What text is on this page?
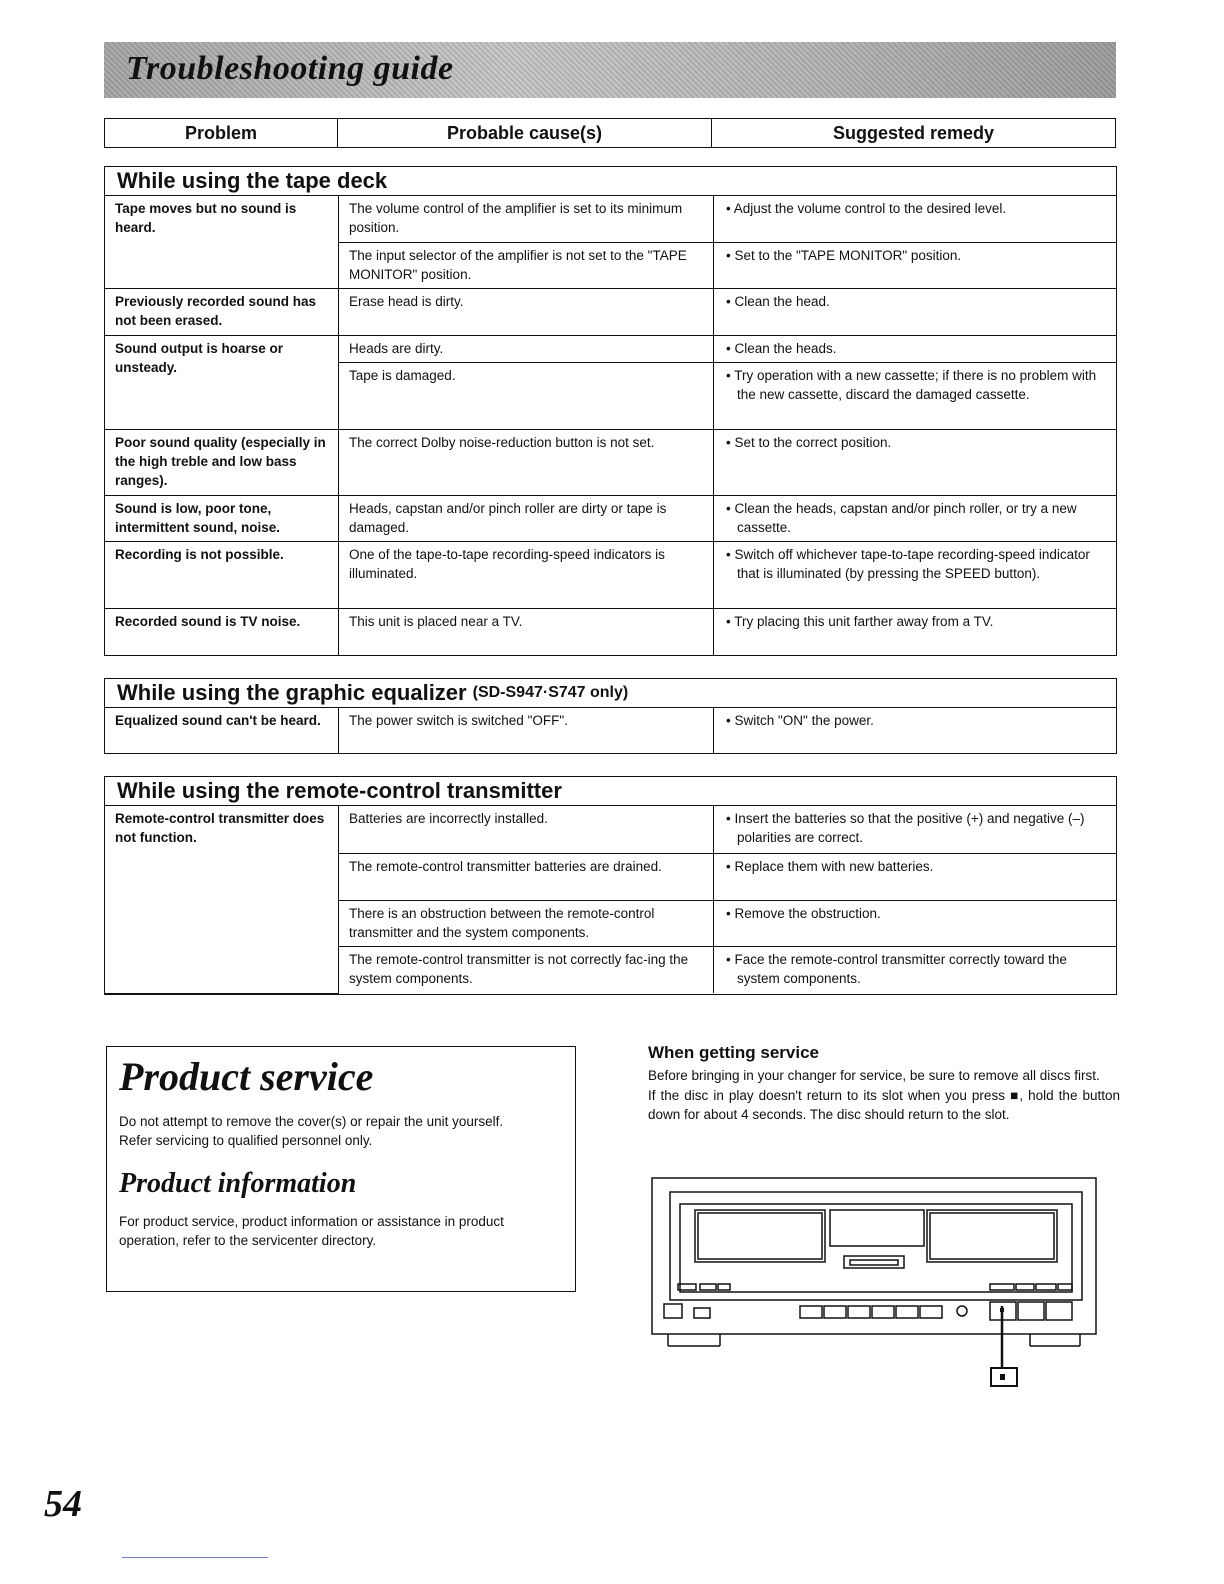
Troubleshooting guide
Problem	Probable cause(s)	Suggested remedy
While using the tape deck
Tape moves but no sound is heard.	The volume control of the amplifier is set to its minimum position.	• Adjust the volume control to the desired level.

	The input selector of the amplifier is not set to the "TAPE MONITOR" position.	• Set to the "TAPE MONITOR" position.

Previously recorded sound has not been erased.	Erase head is dirty.	• Clean the head.

Sound output is hoarse or unsteady.	Heads are dirty.	• Clean the heads.

	Tape is damaged.	• Try operation with a new cassette; if there is no problem with the new cassette, discard the damaged cassette.

Poor sound quality (especially in the high treble and low bass ranges).	The correct Dolby noise-reduction button is not set.	• Set to the correct position.

Sound is low, poor tone, intermittent sound, noise.	Heads, capstan and/or pinch roller are dirty or tape is damaged.	• Clean the heads, capstan and/or pinch roller, or try a new cassette.

Recording is not possible.	One of the tape-to-tape recording-speed indicators is illuminated.	• Switch off whichever tape-to-tape recording-speed indicator that is illuminated (by pressing the SPEED button).

Recorded sound is TV noise.	This unit is placed near a TV.	• Try placing this unit farther away from a TV.
While using the graphic equalizer (SD-S947·S747 only)
Equalized sound can't be heard.	The power switch is switched "OFF".	• Switch "ON" the power.
While using the remote-control transmitter
Remote-control transmitter does not function.	Batteries are incorrectly installed.	• Insert the batteries so that the positive (+) and negative (–) polarities are correct.

	The remote-control transmitter batteries are drained.	• Replace them with new batteries.

	There is an obstruction between the remote-control transmitter and the system components.	• Remove the obstruction.

	The remote-control transmitter is not correctly fac-ing the system components.	• Face the remote-control transmitter correctly toward the system components.
Product service

Do not attempt to remove the cover(s) or repair the unit yourself.

Refer servicing to qualified personnel only.

Product information

For product service, product information or assistance in product operation, refer to the servicenter directory.

When getting service

Before bringing in your changer for service, be sure to remove all discs first.

If the disc in play doesn't return to its slot when you press ■, hold the button down for about 4 seconds. The disc should return to the slot.

54
